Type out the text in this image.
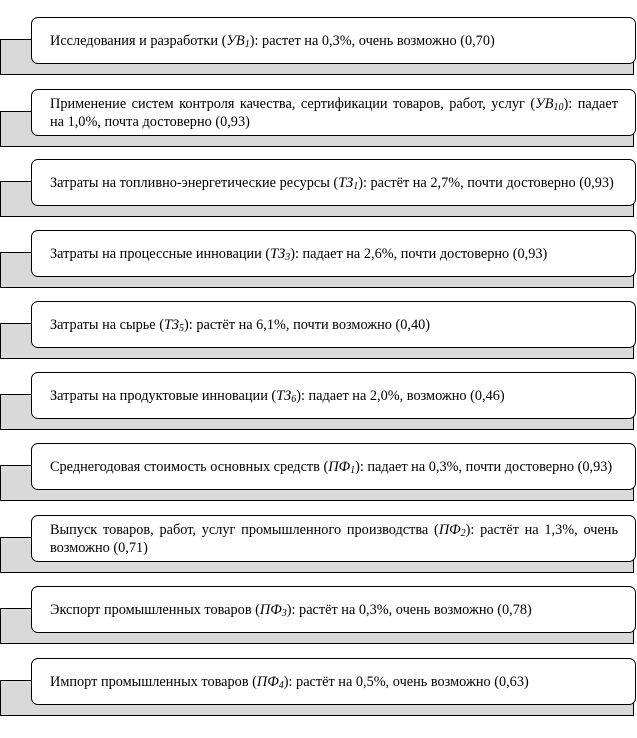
Исследования и разработки $(УВ_1)$: растет на 0,3%, очень возможно (0,70)
Применение систем контроля качества, сертификации товаров, работ, услуг $(УВ_{10})$: падает на 1,0%, почта достоверно (0,93)
Затраты на топливно-энергетические ресурсы $(ТЗ_1)$: растёт на 2,7%, почти достоверно (0,93)
Затраты на процессные инновации $(ТЗ_3)$: падает на 2,6%, почти достоверно (0,93)
Затраты на сырье $(ТЗ_5)$: растёт на 6,1%, почти возможно (0,40)
Затраты на продуктовые инновации $(ТЗ_6)$: падает на 2,0%, возможно (0,46)
Среднегодовая стоимость основных средств $(ПФ_1)$: падает на 0,3%, почти достоверно (0,93)
Выпуск товаров, работ, услуг промышленного производства $(ПФ_2)$: растёт на 1,3%, очень возможно (0,71)
Экспорт промышленных товаров $(ПФ_3)$: растёт на 0,3%, очень возможно (0,78)
Импорт промышленных товаров $(ПФ_4)$: растёт на 0,5%, очень возможно (0,63)
